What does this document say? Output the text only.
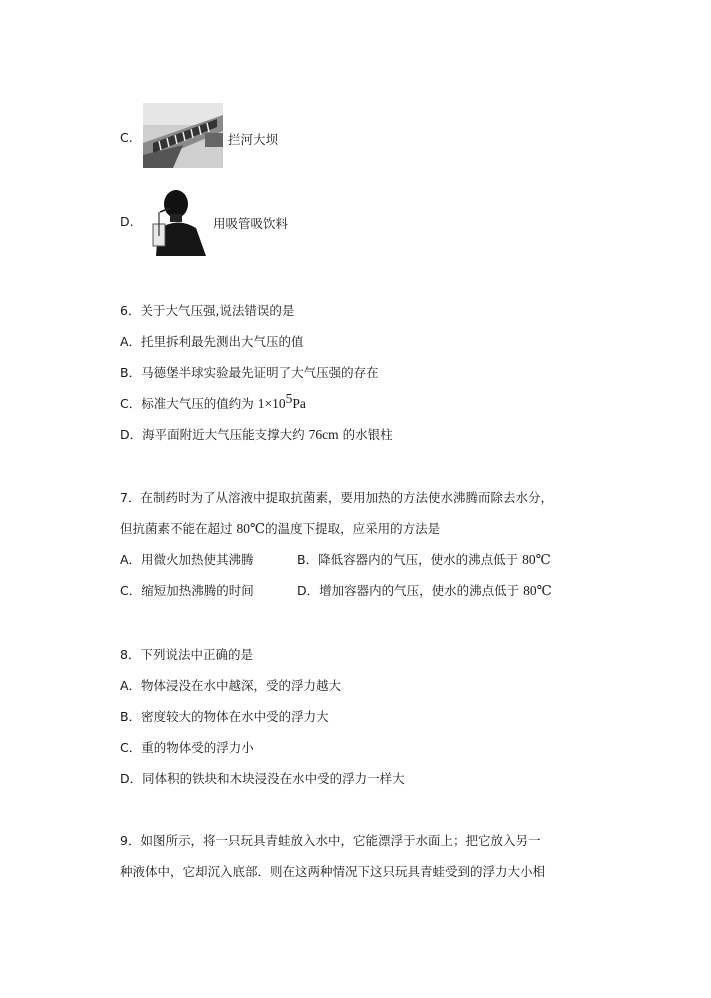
C.	拦河大坝
D.	用吸管吸饮料
6．关于大气压强,说法错误的是
A．托里拆利最先测出大气压的值
B．马德堡半球实验最先证明了大气压强的存在
C．标准大气压的值约为 $1\times 10^5Pa$
D．海平面附近大气压能支撑大约 76cm 的水银柱
7．在制药时为了从溶液中提取抗菌素，要用加热的方法使水沸腾而除去水分，
但抗菌素不能在超过 80℃的温度下提取，应采用的方法是
A．用微火加热使其沸腾	B．降低容器内的气压，使水的沸点低于 80℃
C．缩短加热沸腾的时间	D．增加容器内的气压，使水的沸点低于 80℃
8．下列说法中正确的是
A．物体浸没在水中越深，受的浮力越大
B．密度较大的物体在水中受的浮力大
C．重的物体受的浮力小
D．同体积的铁块和木块浸没在水中受的浮力一样大
9．如图所示，将一只玩具青蛙放入水中，它能漂浮于水面上；把它放入另一
种液体中，它却沉入底部．则在这两种情况下这只玩具青蛙受到的浮力大小相
